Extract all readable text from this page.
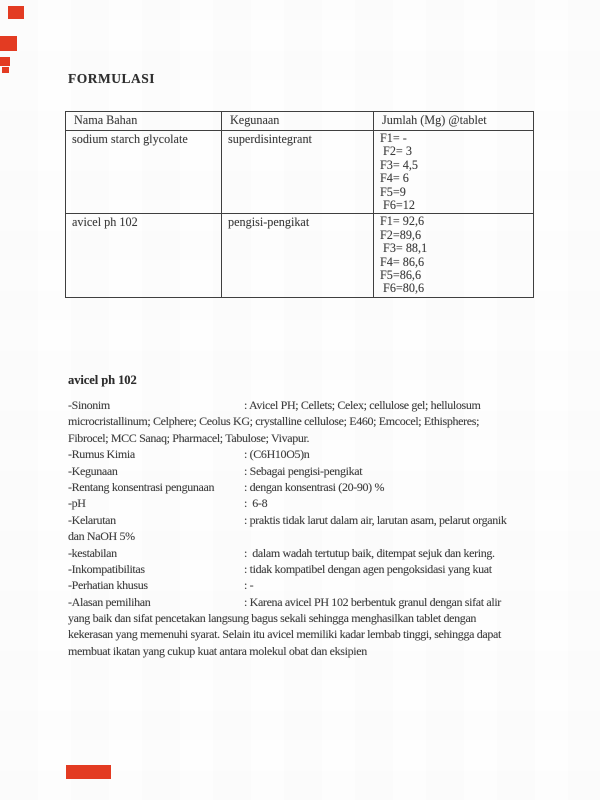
FORMULASI
Nama Bahan	Kegunaan	Jumlah (Mg) @tablet
sodium starch glycolate	superdisintegrant	F1= -
F2= 3
F3= 4,5
F4= 6
F5=9
F6=12

avicel ph 102	pengisi-pengikat	F1= 92,6
F2=89,6
F3= 88,1
F4= 86,6
F5=86,6
F6=80,6
avicel ph 102
-Sinonim	: Avicel PH; Cellets; Celex; cellulose gel; hellulosum
microcristallinum; Celphere; Ceolus KG; crystalline cellulose; E460; Emcocel; Ethispheres;
Fibrocel; MCC Sanaq; Pharmacel; Tabulose; Vivapur.
-Rumus Kimia	: (C6H10O5)n
-Kegunaan	: Sebagai pengisi-pengikat
-Rentang konsentrasi pengunaan : dengan konsentrasi (20-90) %
-pH	:  6-8
-Kelarutan	: praktis tidak larut dalam air, larutan asam, pelarut organik
dan NaOH 5%
-kestabilan	:  dalam wadah tertutup baik, ditempat sejuk dan kering.
-Inkompatibilitas	: tidak kompatibel dengan agen pengoksidasi yang kuat
-Perhatian khusus	: -
-Alasan pemilihan	: Karena avicel PH 102 berbentuk granul dengan sifat alir
yang baik dan sifat pencetakan langsung bagus sekali sehingga menghasilkan tablet dengan
kekerasan yang memenuhi syarat. Selain itu avicel memiliki kadar lembab tinggi, sehingga dapat
membuat ikatan yang cukup kuat antara molekul obat dan eksipien
